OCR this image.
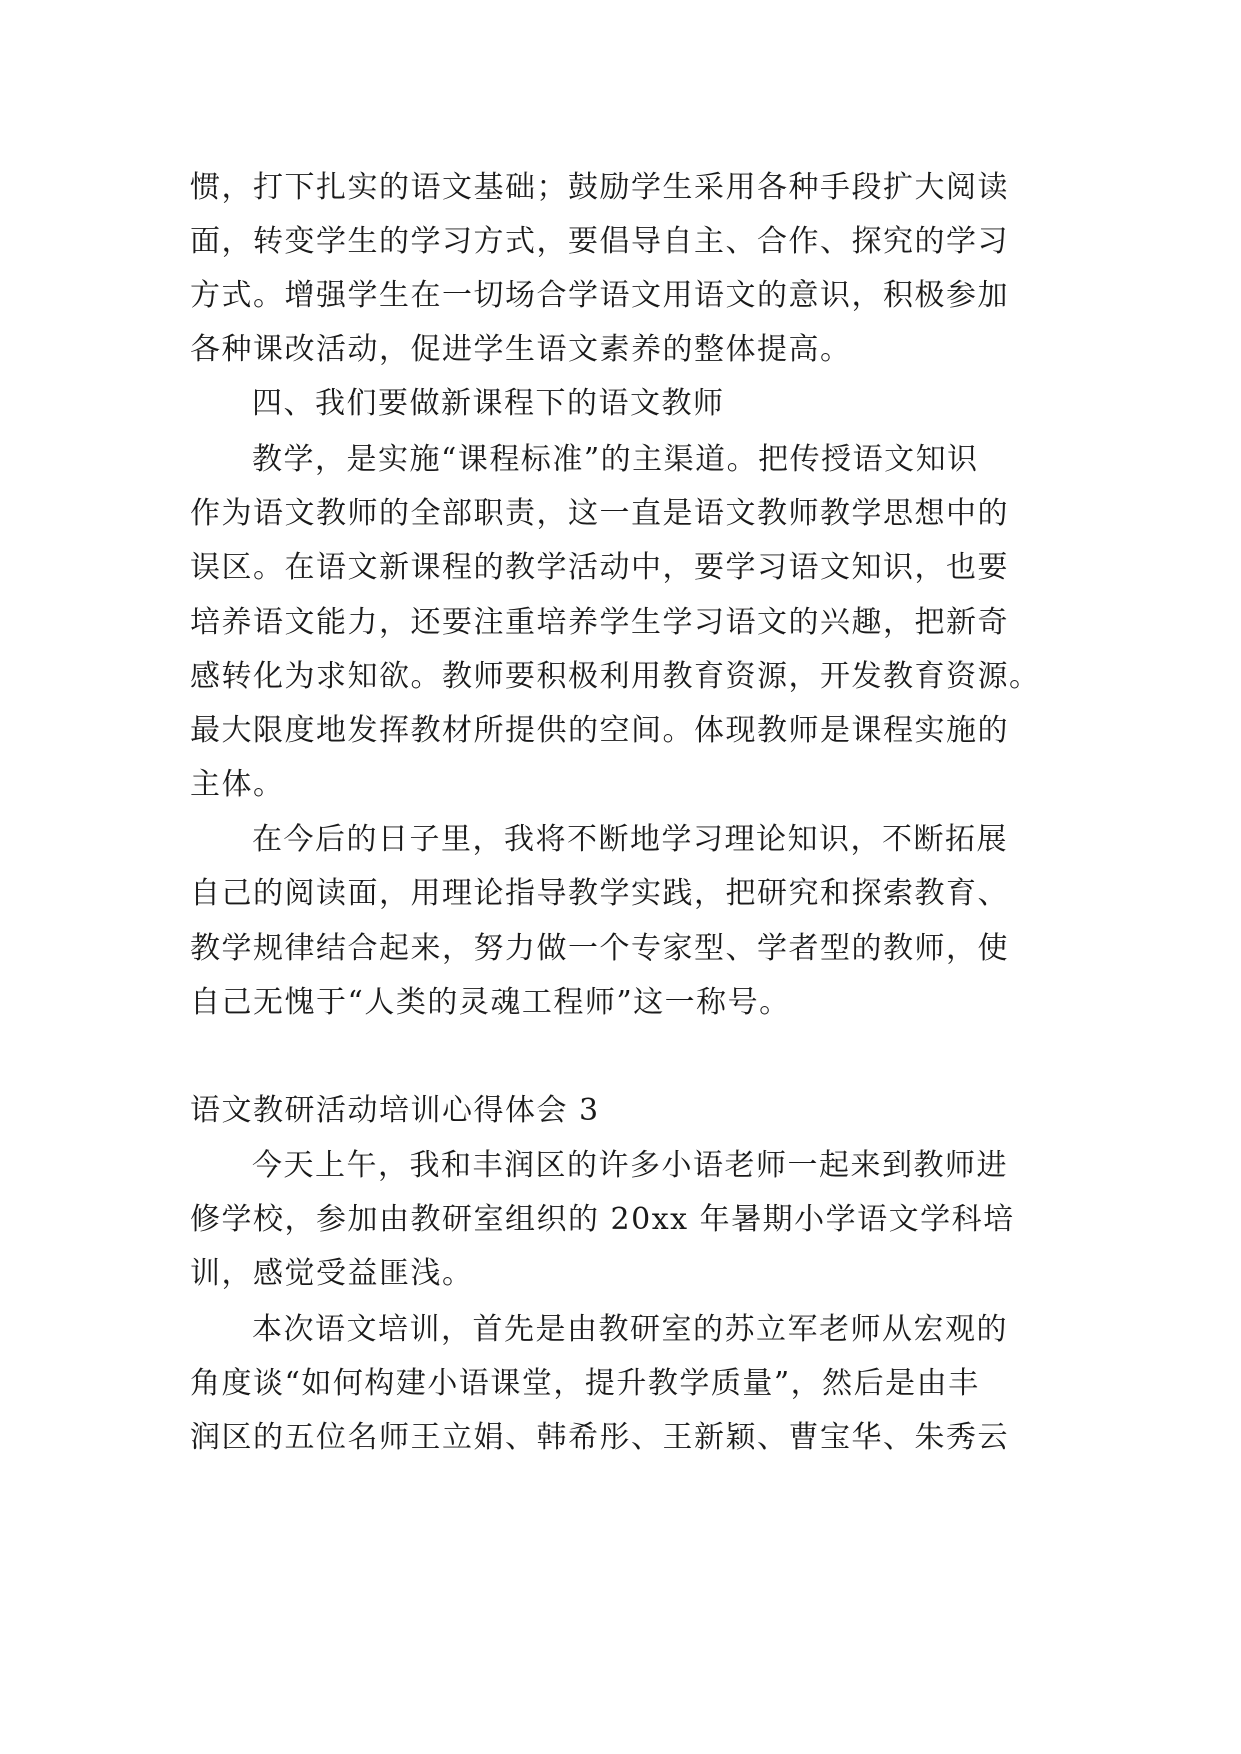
惯，打下扎实的语文基础；鼓励学生采用各种手段扩大阅读
面，转变学生的学习方式，要倡导自主、合作、探究的学习
方式。增强学生在一切场合学语文用语文的意识，积极参加
各种课改活动，促进学生语文素养的整体提高。
四、我们要做新课程下的语文教师
教学，是实施“课程标准”的主渠道。把传授语文知识
作为语文教师的全部职责，这一直是语文教师教学思想中的
误区。在语文新课程的教学活动中，要学习语文知识，也要
培养语文能力，还要注重培养学生学习语文的兴趣，把新奇
感转化为求知欲。教师要积极利用教育资源，开发教育资源。
最大限度地发挥教材所提供的空间。体现教师是课程实施的
主体。
在今后的日子里，我将不断地学习理论知识，不断拓展
自己的阅读面，用理论指导教学实践，把研究和探索教育、
教学规律结合起来，努力做一个专家型、学者型的教师，使
自己无愧于“人类的灵魂工程师”这一称号。
语文教研活动培训心得体会 3
今天上午，我和丰润区的许多小语老师一起来到教师进
修学校，参加由教研室组织的 20xx 年暑期小学语文学科培
训，感觉受益匪浅。
本次语文培训，首先是由教研室的苏立军老师从宏观的
角度谈“如何构建小语课堂，提升教学质量”，然后是由丰
润区的五位名师王立娟、韩希彤、王新颖、曹宝华、朱秀云
